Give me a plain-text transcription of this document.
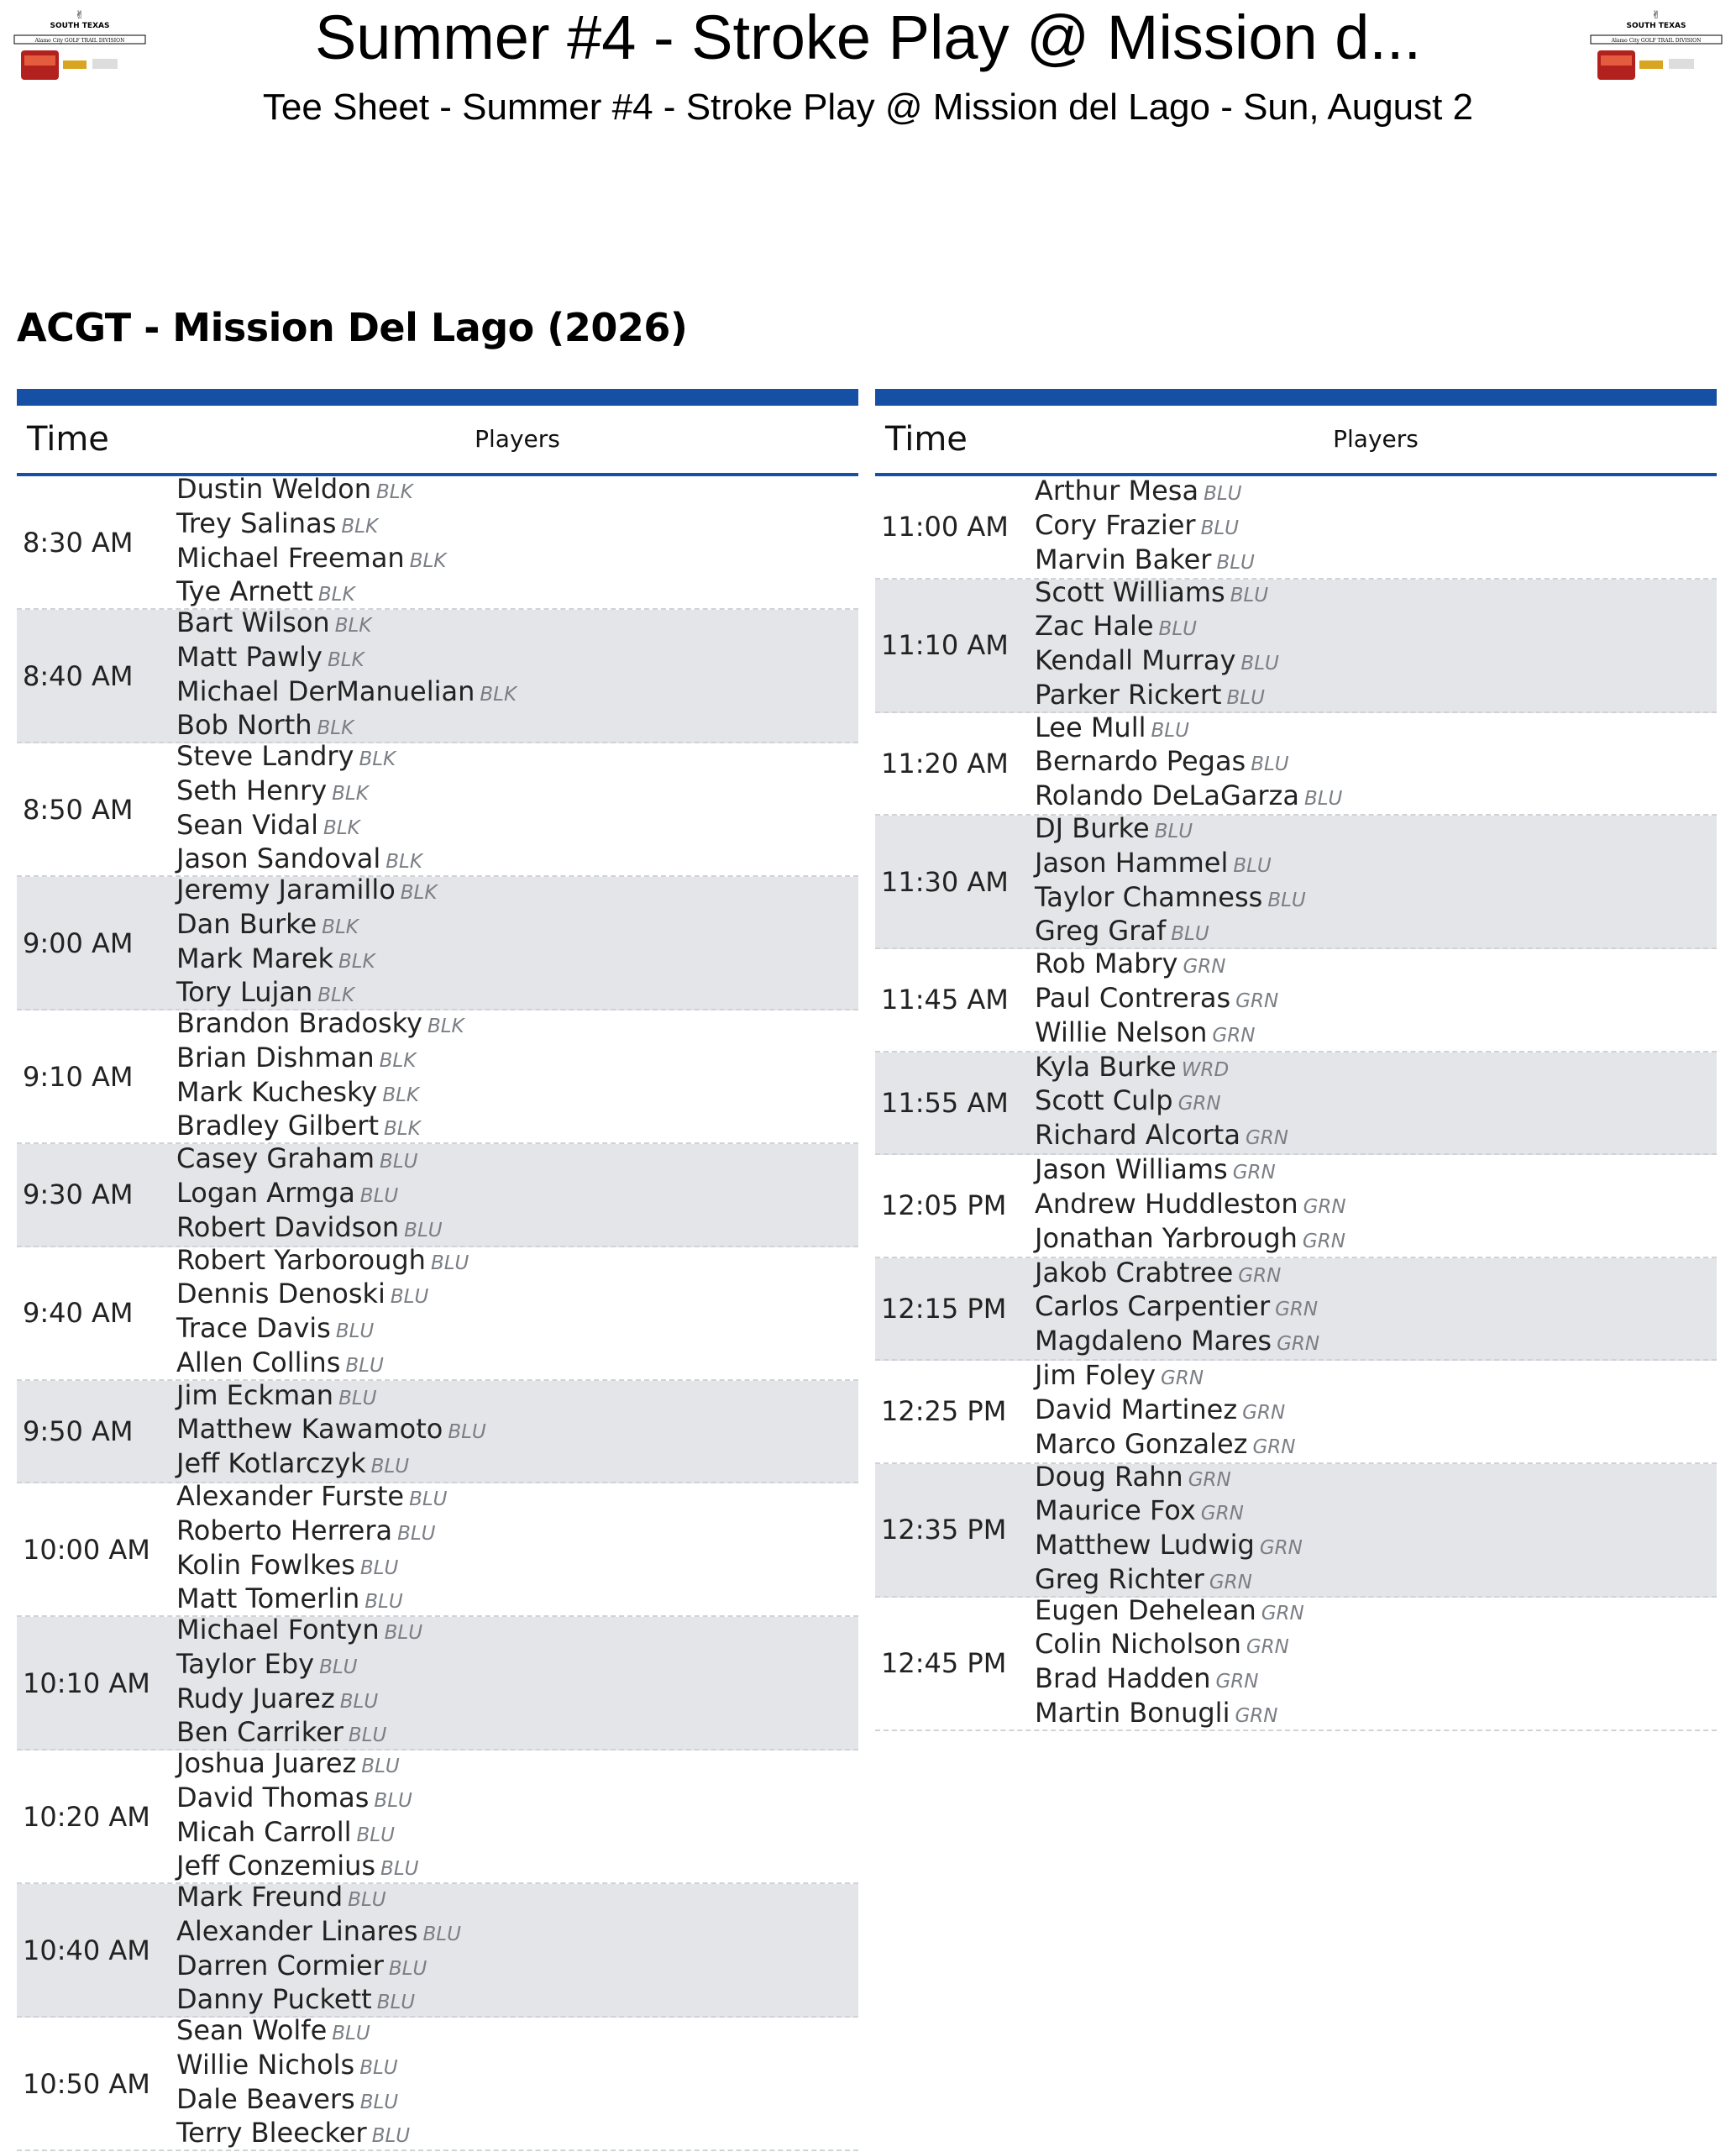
✌
SOUTH TEXAS
Alamo City GOLF TRAIL DIVISION
✌
SOUTH TEXAS
Alamo City GOLF TRAIL DIVISION
Summer #4 - Stroke Play @ Mission d...
Tee Sheet - Summer #4 - Stroke Play @ Mission del Lago - Sun, August 2
ACGT - Mission Del Lago (2026)
Time	Players
8:30 AM
Dustin Weldon BLK
Trey Salinas BLK
Michael Freeman BLK
Tye Arnett BLK
8:40 AM
Bart Wilson BLK
Matt Pawly BLK
Michael DerManuelian BLK
Bob North BLK
8:50 AM
Steve Landry BLK
Seth Henry BLK
Sean Vidal BLK
Jason Sandoval BLK
9:00 AM
Jeremy Jaramillo BLK
Dan Burke BLK
Mark Marek BLK
Tory Lujan BLK
9:10 AM
Brandon Bradosky BLK
Brian Dishman BLK
Mark Kuchesky BLK
Bradley Gilbert BLK
9:30 AM
Casey Graham BLU
Logan Armga BLU
Robert Davidson BLU
9:40 AM
Robert Yarborough BLU
Dennis Denoski BLU
Trace Davis BLU
Allen Collins BLU
9:50 AM
Jim Eckman BLU
Matthew Kawamoto BLU
Jeff Kotlarczyk BLU
10:00 AM
Alexander Furste BLU
Roberto Herrera BLU
Kolin Fowlkes BLU
Matt Tomerlin BLU
10:10 AM
Michael Fontyn BLU
Taylor Eby BLU
Rudy Juarez BLU
Ben Carriker BLU
10:20 AM
Joshua Juarez BLU
David Thomas BLU
Micah Carroll BLU
Jeff Conzemius BLU
10:40 AM
Mark Freund BLU
Alexander Linares BLU
Darren Cormier BLU
Danny Puckett BLU
10:50 AM
Sean Wolfe BLU
Willie Nichols BLU
Dale Beavers BLU
Terry Bleecker BLU
Time	Players
11:00 AM
Arthur Mesa BLU
Cory Frazier BLU
Marvin Baker BLU
11:10 AM
Scott Williams BLU
Zac Hale BLU
Kendall Murray BLU
Parker Rickert BLU
11:20 AM
Lee Mull BLU
Bernardo Pegas BLU
Rolando DeLaGarza BLU
11:30 AM
DJ Burke BLU
Jason Hammel BLU
Taylor Chamness BLU
Greg Graf BLU
11:45 AM
Rob Mabry GRN
Paul Contreras GRN
Willie Nelson GRN
11:55 AM
Kyla Burke WRD
Scott Culp GRN
Richard Alcorta GRN
12:05 PM
Jason Williams GRN
Andrew Huddleston GRN
Jonathan Yarbrough GRN
12:15 PM
Jakob Crabtree GRN
Carlos Carpentier GRN
Magdaleno Mares GRN
12:25 PM
Jim Foley GRN
David Martinez GRN
Marco Gonzalez GRN
12:35 PM
Doug Rahn GRN
Maurice Fox GRN
Matthew Ludwig GRN
Greg Richter GRN
12:45 PM
Eugen Dehelean GRN
Colin Nicholson GRN
Brad Hadden GRN
Martin Bonugli GRN
